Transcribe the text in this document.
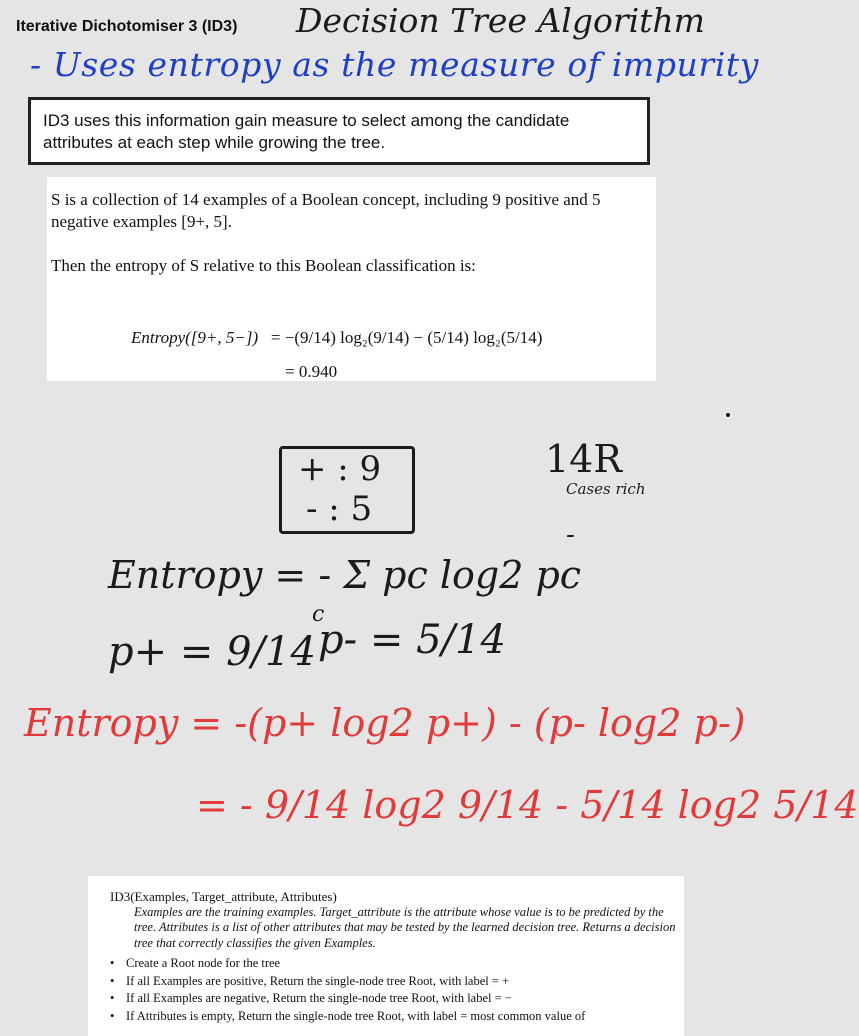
Iterative Dichotomiser 3 (ID3) Decision Tree Algorithm
- Uses entropy as the measure of impurity
ID3 uses this information gain measure to select among the candidate attributes at each step while growing the tree.

S is a collection of 14 examples of a Boolean concept, including 9 positive and 5 negative examples [9+, 5].

Then the entropy of S relative to this Boolean classification is:

Entropy([9+, 5−]) = −(9/14) log₂(9/14) − (5/14) log₂(5/14)
= 0.940
+ : 9
- : 5
14R
Cases rich
‐
Entropy = - Σ pc log2 pc
c
p+ = 9/14 p- = 5/14
Entropy = -(p+ log2 p+) - (p- log2 p-)
= - 9/14 log2 9/14 - 5/14 log2 5/14
ID3(Examples, Target_attribute, Attributes)
Examples are the training examples. Target_attribute is the attribute whose value is to be predicted by the tree. Attributes is a list of other attributes that may be tested by the learned decision tree. Returns a decision tree that correctly classifies the given Examples.
• Create a Root node for the tree
• If all Examples are positive, Return the single-node tree Root, with label = +
• If all Examples are negative, Return the single-node tree Root, with label = −
• If Attributes is empty, Return the single-node tree Root, with label = most common value of
